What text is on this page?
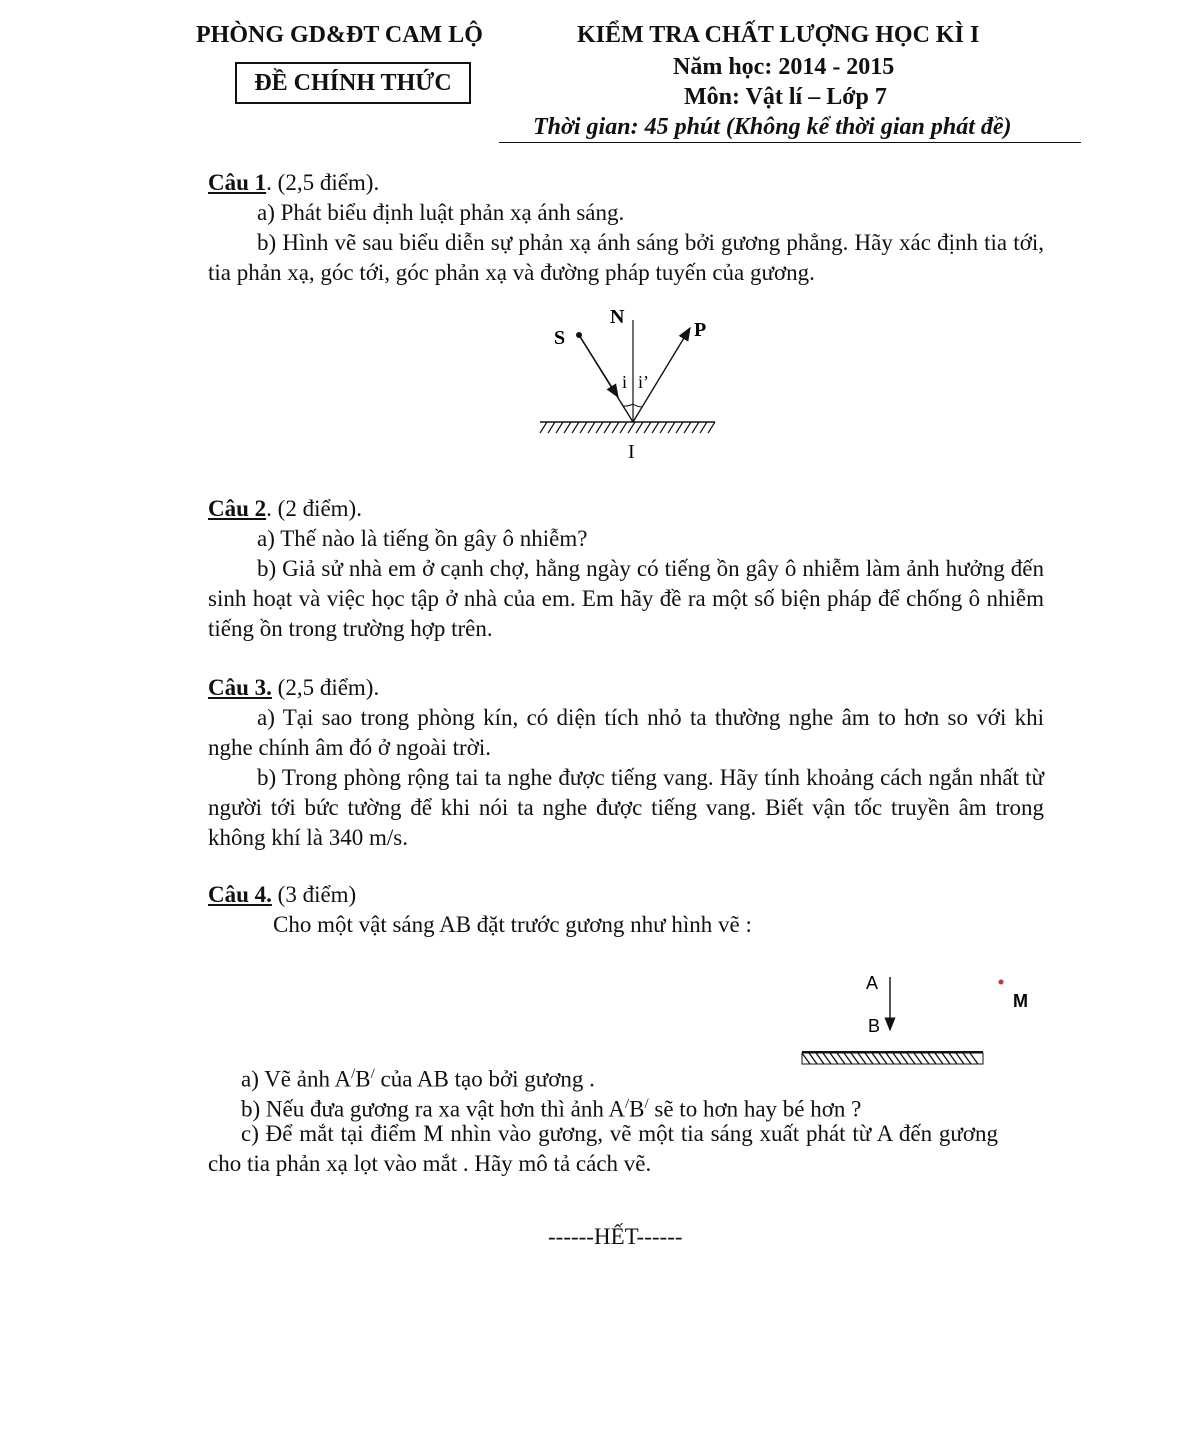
PHÒNG GD&ĐT CAM LỘ
ĐỀ CHÍNH THỨC
KIỂM TRA CHẤT LƯỢNG HỌC KÌ I
Năm học: 2014 - 2015
Môn: Vật lí – Lớp 7
Thời gian: 45 phút (Không kể thời gian phát đề)
Câu 1. (2,5 điểm).
a) Phát biểu định luật phản xạ ánh sáng.
b) Hình vẽ sau biểu diễn sự phản xạ ánh sáng bởi gương phẳng. Hãy xác định tia tới, tia phản xạ, góc tới, góc phản xạ và đường pháp tuyến của gương.
S
N
P
i i’
I
Câu 2. (2 điểm).
a) Thế nào là tiếng ồn gây ô nhiễm?
b) Giả sử nhà em ở cạnh chợ, hằng ngày có tiếng ồn gây ô nhiễm làm ảnh hưởng đến sinh hoạt và việc học tập ở nhà của em. Em hãy đề ra một số biện pháp để chống ô nhiễm tiếng ồn trong trường hợp trên.
Câu 3. (2,5 điểm).
a) Tại sao trong phòng kín, có diện tích nhỏ ta thường nghe âm to hơn so với khi nghe chính âm đó ở ngoài trời.
b) Trong phòng rộng tai ta nghe được tiếng vang. Hãy tính khoảng cách ngắn nhất từ người tới bức tường để khi nói ta nghe được tiếng vang. Biết vận tốc truyền âm trong không khí là 340 m/s.
Câu 4. (3 điểm)
Cho một vật sáng AB đặt trước gương như hình vẽ :
A
B
M
a) Vẽ ảnh A/B/ của AB tạo bởi gương .
b) Nếu đưa gương ra xa vật hơn thì ảnh A/B/ sẽ to hơn hay bé hơn ?
c) Để mắt tại điểm M nhìn vào gương, vẽ một tia sáng xuất phát từ A đến gương cho tia phản xạ lọt vào mắt . Hãy mô tả cách vẽ.
------HẾT------
